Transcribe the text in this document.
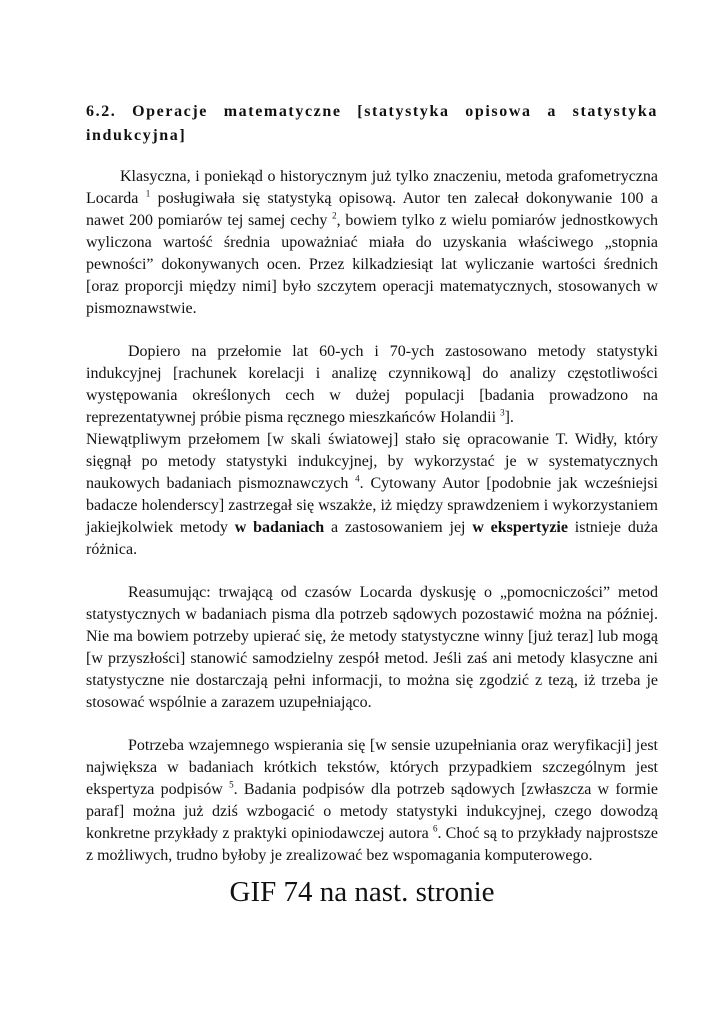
6.2. Operacje matematyczne [statystyka opisowa a statystyka indukcyjna]

Klasyczna, i poniekąd o historycznym już tylko znaczeniu, metoda grafometryczna Locarda $^1$ posługiwała się statystyką opisową. Autor ten zalecał dokonywanie 100 a nawet 200 pomiarów tej samej cechy $^2$, bowiem tylko z wielu pomiarów jednostkowych wyliczona wartość średnia upoważniać miała do uzyskania właściwego „stopnia pewności” dokonywanych ocen. Przez kilkadziesiąt lat wyliczanie wartości średnich [oraz proporcji między nimi] było szczytem operacji matematycznych, stosowanych w pismoznawstwie.

Dopiero na przełomie lat 60-ych i 70-ych zastosowano metody statystyki indukcyjnej [rachunek korelacji i analizę czynnikową] do analizy częstotliwości występowania określonych cech w dużej populacji [badania prowadzono na reprezentatywnej próbie pisma ręcznego mieszkańców Holandii $^3$].

Niewątpliwym przełomem [w skali światowej] stało się opracowanie T. Widły, który sięgnął po metody statystyki indukcyjnej, by wykorzystać je w systematycznych naukowych badaniach pismoznawczych $^4$. Cytowany Autor [podobnie jak wcześniejsi badacze holenderscy] zastrzegał się wszakże, iż między sprawdzeniem i wykorzystaniem jakiejkolwiek metody w badaniach a zastosowaniem jej w ekspertyzie istnieje duża różnica.

Reasumując: trwającą od czasów Locarda dyskusję o „pomocniczości” metod statystycznych w badaniach pisma dla potrzeb sądowych pozostawić można na później. Nie ma bowiem potrzeby upierać się, że metody statystyczne winny [już teraz] lub mogą [w przyszłości] stanowić samodzielny zespół metod. Jeśli zaś ani metody klasyczne ani statystyczne nie dostarczają pełni informacji, to można się zgodzić z tezą, iż trzeba je stosować wspólnie a zarazem uzupełniająco.

Potrzeba wzajemnego wspierania się [w sensie uzupełniania oraz weryfikacji] jest największa w badaniach krótkich tekstów, których przypadkiem szczególnym jest ekspertyza podpisów $^5$. Badania podpisów dla potrzeb sądowych [zwłaszcza w formie paraf] można już dziś wzbogacić o metody statystyki indukcyjnej, czego dowodzą konkretne przykłady z praktyki opiniodawczej autora $^6$. Choć są to przykłady najprostsze z możliwych, trudno byłoby je zrealizować bez wspomagania komputerowego.

GIF 74 na nast. stronie
